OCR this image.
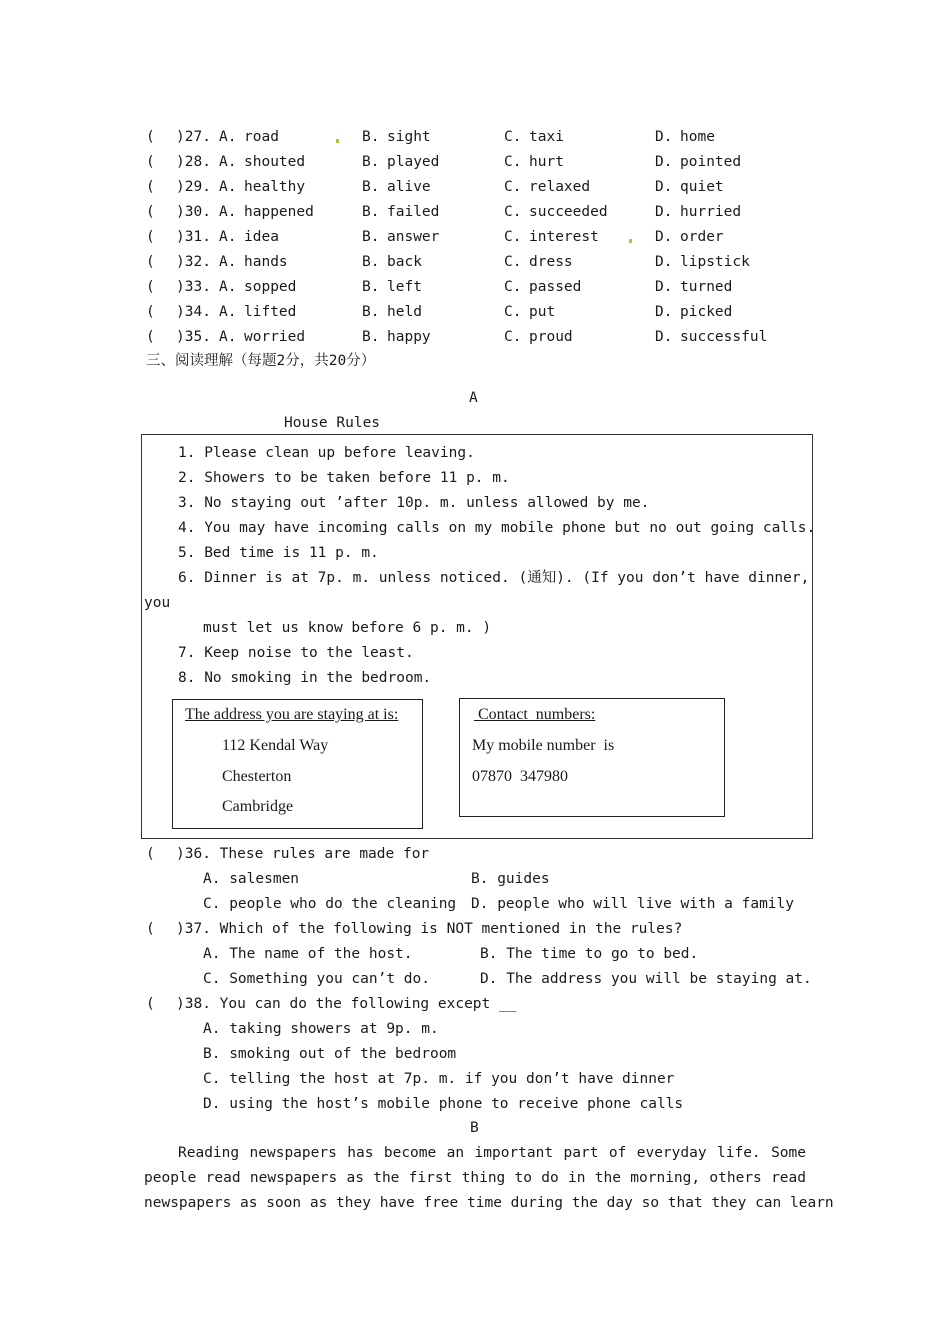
( )27. A. road	B. sight	C. taxi	D. home
( )28. A. shouted	B. played	C. hurt	D. pointed
( )29. A. healthy	B. alive	C. relaxed	D. quiet
( )30. A. happened	B. failed	C. succeeded	D. hurried
( )31. A. idea	B. answer	C. interest	D. order
( )32. A. hands	B. back	C. dress	D. lipstick
( )33. A. sopped	B. left	C. passed	D. turned
( )34. A. lifted	B. held	C. put	D. picked
( )35. A. worried	B. happy	C. proud	D. successful
三、阅读理解（每题2分，共20分）
A
House Rules
1. Please clean up before leaving.
2. Showers to be taken before 11 p. m.
3. No staying out ’after 10p. m. unless allowed by me.
4. You may have incoming calls on my mobile phone but no out going calls.
5. Bed time is 11 p. m.
6. Dinner is at 7p. m. unless noticed. (通知). (If you don’t have dinner,
you
must let us know before 6 p. m. )
7. Keep noise to the least.
8. No smoking in the bedroom.
The address you are staying at is:
112 Kendal Way
Chesterton
Cambridge
Contact  numbers:
My mobile number  is
07870  347980
( )36. These rules are made for
A. salesmen	B. guides
C. people who do the cleaning D. people who will live with a family
( )37. Which of the following is NOT mentioned in the rules?
A. The name of the host.	B. The time to go to bed.
C. Something you can’t do.	D. The address you will be staying at.
( )38. You can do the following except __
A. taking showers at 9p. m.
B. smoking out of the bedroom
C. telling the host at 7p. m. if you don’t have dinner
D. using the host’s mobile phone to receive phone calls
B
Reading newspapers has become an important part of everyday life. Some
people read newspapers as the first thing to do in the morning, others read
newspapers as soon as they have free time during the day so that they can learn
